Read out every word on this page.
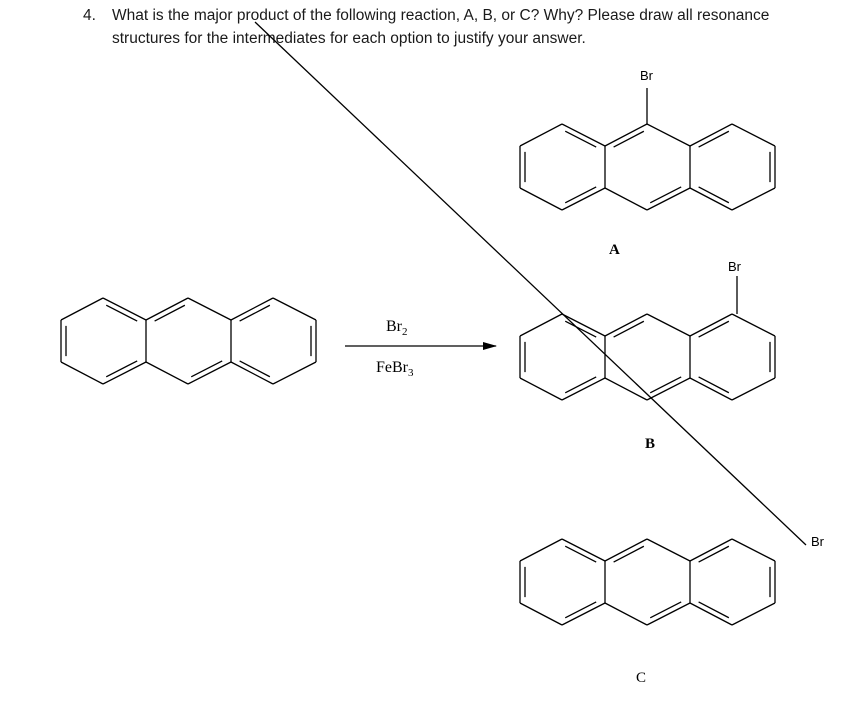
4. What is the major product of the following reaction, A, B, or C? Why? Please draw all resonance
structures for the intermediates for each option to justify your answer.
$Br_2$
FeBr$_3$
Br
A
Br
B
Br
C
